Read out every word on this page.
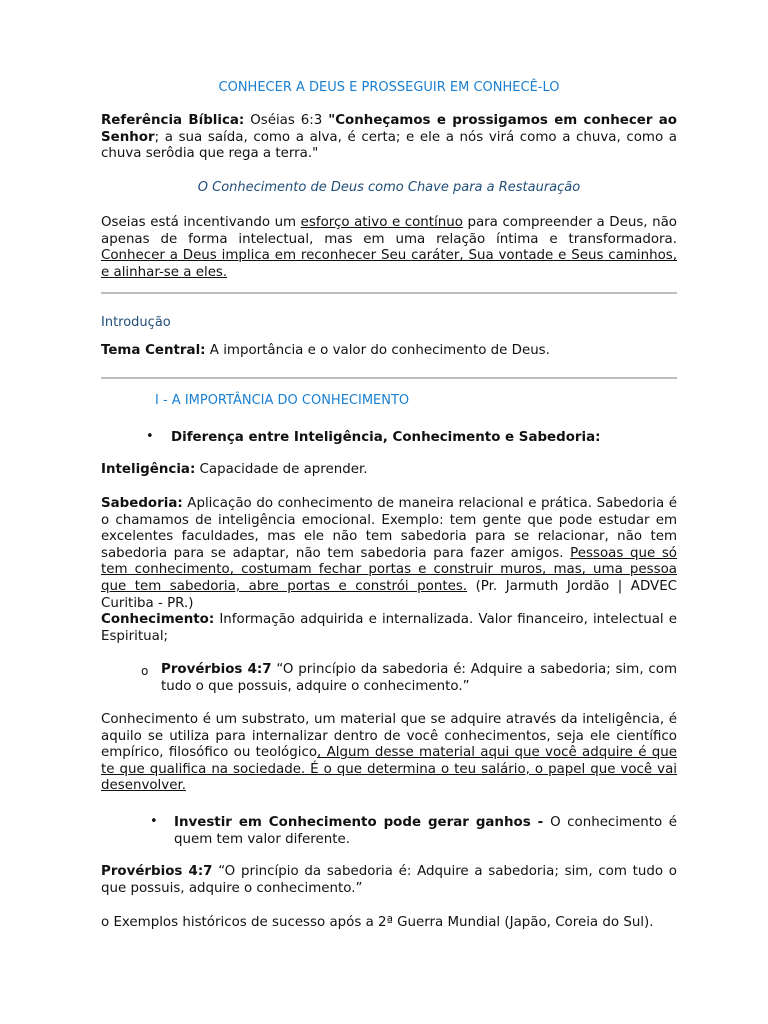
CONHECER A DEUS E PROSSEGUIR EM CONHECÊ-LO

Referência Bíblica: Oséias 6:3 "Conheçamos e prossigamos em conhecer ao Senhor; a sua saída, como a alva, é certa; e ele a nós virá como a chuva, como a chuva serôdia que rega a terra."

O Conhecimento de Deus como Chave para a Restauração

Oseias está incentivando um esforço ativo e contínuo para compreender a Deus, não apenas de forma intelectual, mas em uma relação íntima e transformadora. Conhecer a Deus implica em reconhecer Seu caráter, Sua vontade e Seus caminhos, e alinhar-se a eles.

Introdução

Tema Central: A importância e o valor do conhecimento de Deus.

I - A IMPORTÂNCIA DO CONHECIMENTO
• Diferença entre Inteligência, Conhecimento e Sabedoria:

Inteligência: Capacidade de aprender.

Sabedoria: Aplicação do conhecimento de maneira relacional e prática. Sabedoria é o chamamos de inteligência emocional. Exemplo: tem gente que pode estudar em excelentes faculdades, mas ele não tem sabedoria para se relacionar, não tem sabedoria para se adaptar, não tem sabedoria para fazer amigos. Pessoas que só tem conhecimento, costumam fechar portas e construir muros, mas, uma pessoa que tem sabedoria, abre portas e constrói pontes. (Pr. Jarmuth Jordão | ADVEC Curitiba - PR.)

Conhecimento: Informação adquirida e internalizada. Valor financeiro, intelectual e Espiritual;

o Provérbios 4:7 “O princípio da sabedoria é: Adquire a sabedoria; sim, com tudo o que possuis, adquire o conhecimento.”

Conhecimento é um substrato, um material que se adquire através da inteligência, é aquilo se utiliza para internalizar dentro de você conhecimentos, seja ele científico empírico, filosófico ou teológico, Algum desse material aqui que você adquire é que te que qualifica na sociedade. É o que determina o teu salário, o papel que você vai desenvolver.

• Investir em Conhecimento pode gerar ganhos - O conhecimento é quem tem valor diferente.

Provérbios 4:7 “O princípio da sabedoria é: Adquire a sabedoria; sim, com tudo o que possuis, adquire o conhecimento.”

o Exemplos históricos de sucesso após a 2ª Guerra Mundial (Japão, Coreia do Sul).
